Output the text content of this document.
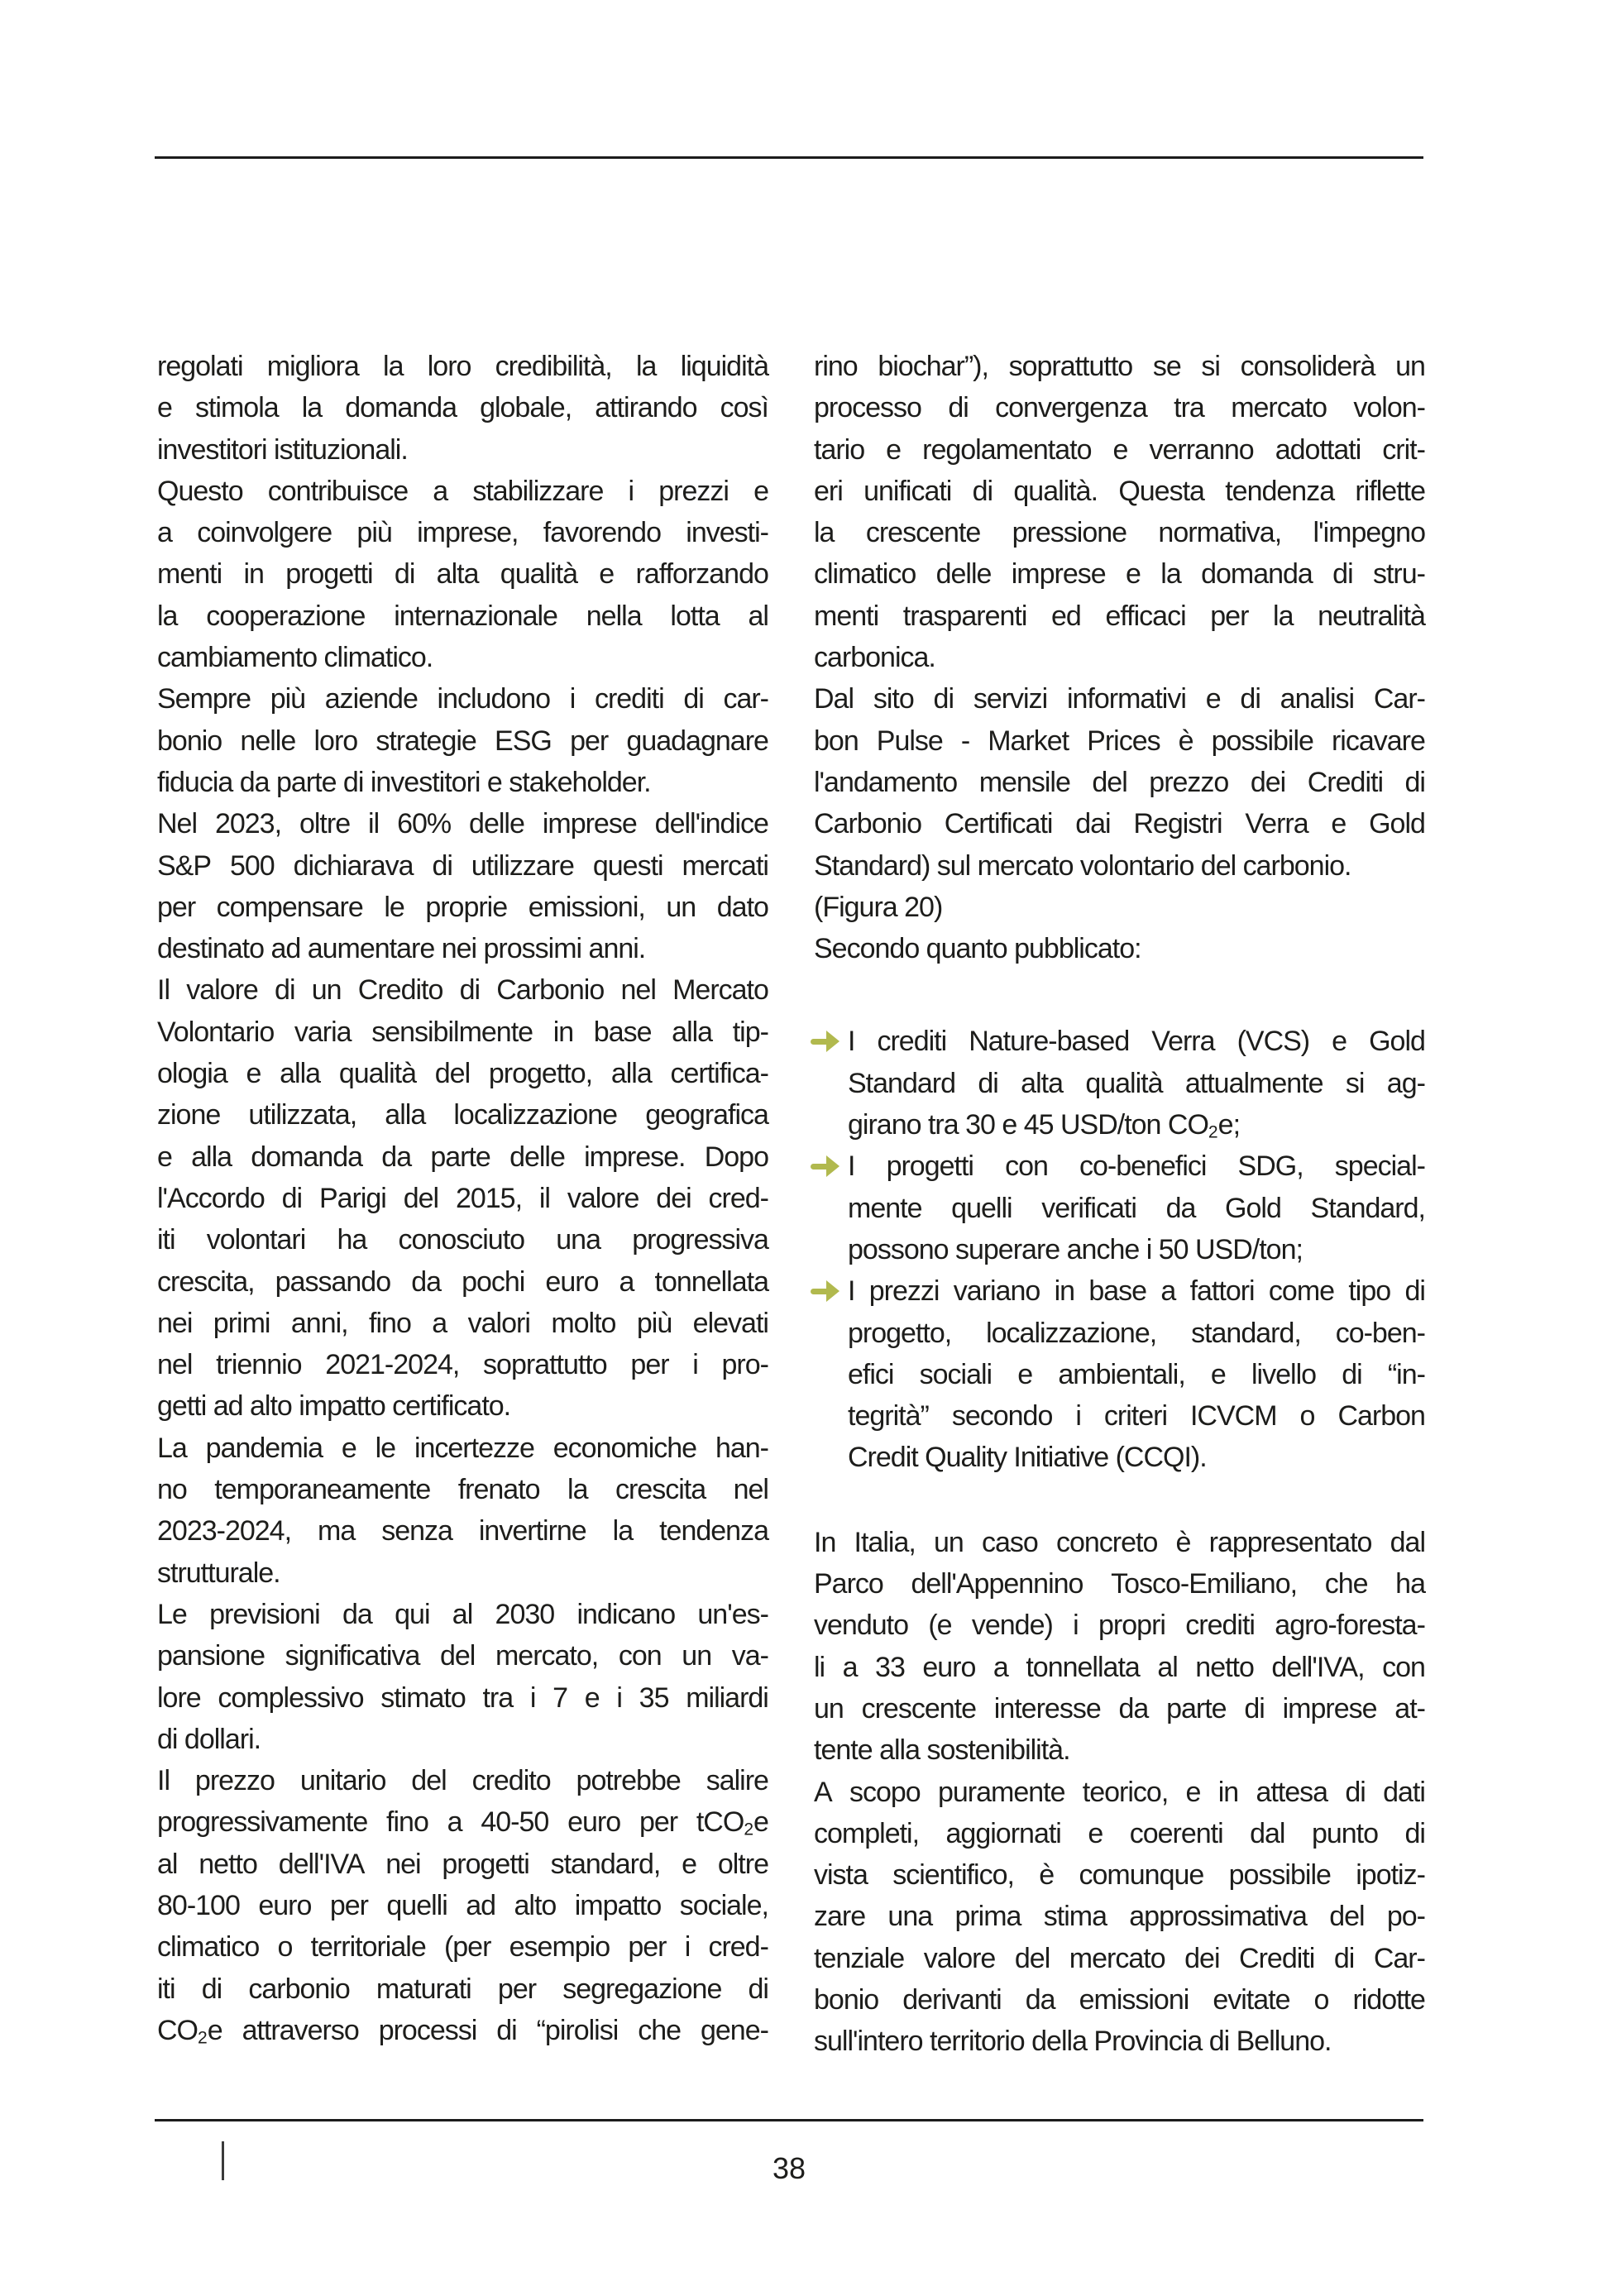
regolati migliora la loro credibilità, la liquidità
e stimola la domanda globale, attirando così
investitori istituzionali.
Questo contribuisce a stabilizzare i prezzi e
a coinvolgere più imprese, favorendo investi-
menti in progetti di alta qualità e rafforzando
la cooperazione internazionale nella lotta al
cambiamento climatico.
Sempre più aziende includono i crediti di car-
bonio nelle loro strategie ESG per guadagnare
fiducia da parte di investitori e stakeholder.
Nel 2023, oltre il 60% delle imprese dell'indice
S&P 500 dichiarava di utilizzare questi mercati
per compensare le proprie emissioni, un dato
destinato ad aumentare nei prossimi anni.
Il valore di un Credito di Carbonio nel Mercato
Volontario varia sensibilmente in base alla tip-
ologia e alla qualità del progetto, alla certifica-
zione utilizzata, alla localizzazione geografica
e alla domanda da parte delle imprese. Dopo
l'Accordo di Parigi del 2015, il valore dei cred-
iti volontari ha conosciuto una progressiva
crescita, passando da pochi euro a tonnellata
nei primi anni, fino a valori molto più elevati
nel triennio 2021-2024, soprattutto per i pro-
getti ad alto impatto certificato.
La pandemia e le incertezze economiche han-
no temporaneamente frenato la crescita nel
2023-2024, ma senza invertirne la tendenza
strutturale.
Le previsioni da qui al 2030 indicano un'es-
pansione significativa del mercato, con un va-
lore complessivo stimato tra i 7 e i 35 miliardi
di dollari.
Il prezzo unitario del credito potrebbe salire
progressivamente fino a 40-50 euro per tCO$_2$e
al netto dell'IVA nei progetti standard, e oltre
80-100 euro per quelli ad alto impatto sociale,
climatico o territoriale (per esempio per i cred-
iti di carbonio maturati per segregazione di
$CO_2e$ attraverso processi di “pirolisi che gene-
rino biochar”), soprattutto se si consoliderà un
processo di convergenza tra mercato volon-
tario e regolamentato e verranno adottati crit-
eri unificati di qualità. Questa tendenza riflette
la crescente pressione normativa, l'impegno
climatico delle imprese e la domanda di stru-
menti trasparenti ed efficaci per la neutralità
carbonica.
Dal sito di servizi informativi e di analisi Car-
bon Pulse - Market Prices è possibile ricavare
l'andamento mensile del prezzo dei Crediti di
Carbonio Certificati dai Registri Verra e Gold
Standard) sul mercato volontario del carbonio.
(Figura 20)
Secondo quanto pubblicato:
I crediti Nature-based Verra (VCS) e Gold
Standard di alta qualità attualmente si ag-
girano tra 30 e 45 USD/ton $CO_2e$;
I progetti con co-benefici SDG, special-
mente quelli verificati da Gold Standard,
possono superare anche i 50 USD/ton;
I prezzi variano in base a fattori come tipo di
progetto, localizzazione, standard, co-ben-
efici sociali e ambientali, e livello di “in-
tegrità” secondo i criteri ICVCM o Carbon
Credit Quality Initiative (CCQI).
In Italia, un caso concreto è rappresentato dal
Parco dell'Appennino Tosco-Emiliano, che ha
venduto (e vende) i propri crediti agro-foresta-
li a 33 euro a tonnellata al netto dell'IVA, con
un crescente interesse da parte di imprese at-
tente alla sostenibilità.
A scopo puramente teorico, e in attesa di dati
completi, aggiornati e coerenti dal punto di
vista scientifico, è comunque possibile ipotiz-
zare una prima stima approssimativa del po-
tenziale valore del mercato dei Crediti di Car-
bonio derivanti da emissioni evitate o ridotte
sull'intero territorio della Provincia di Belluno.
38
